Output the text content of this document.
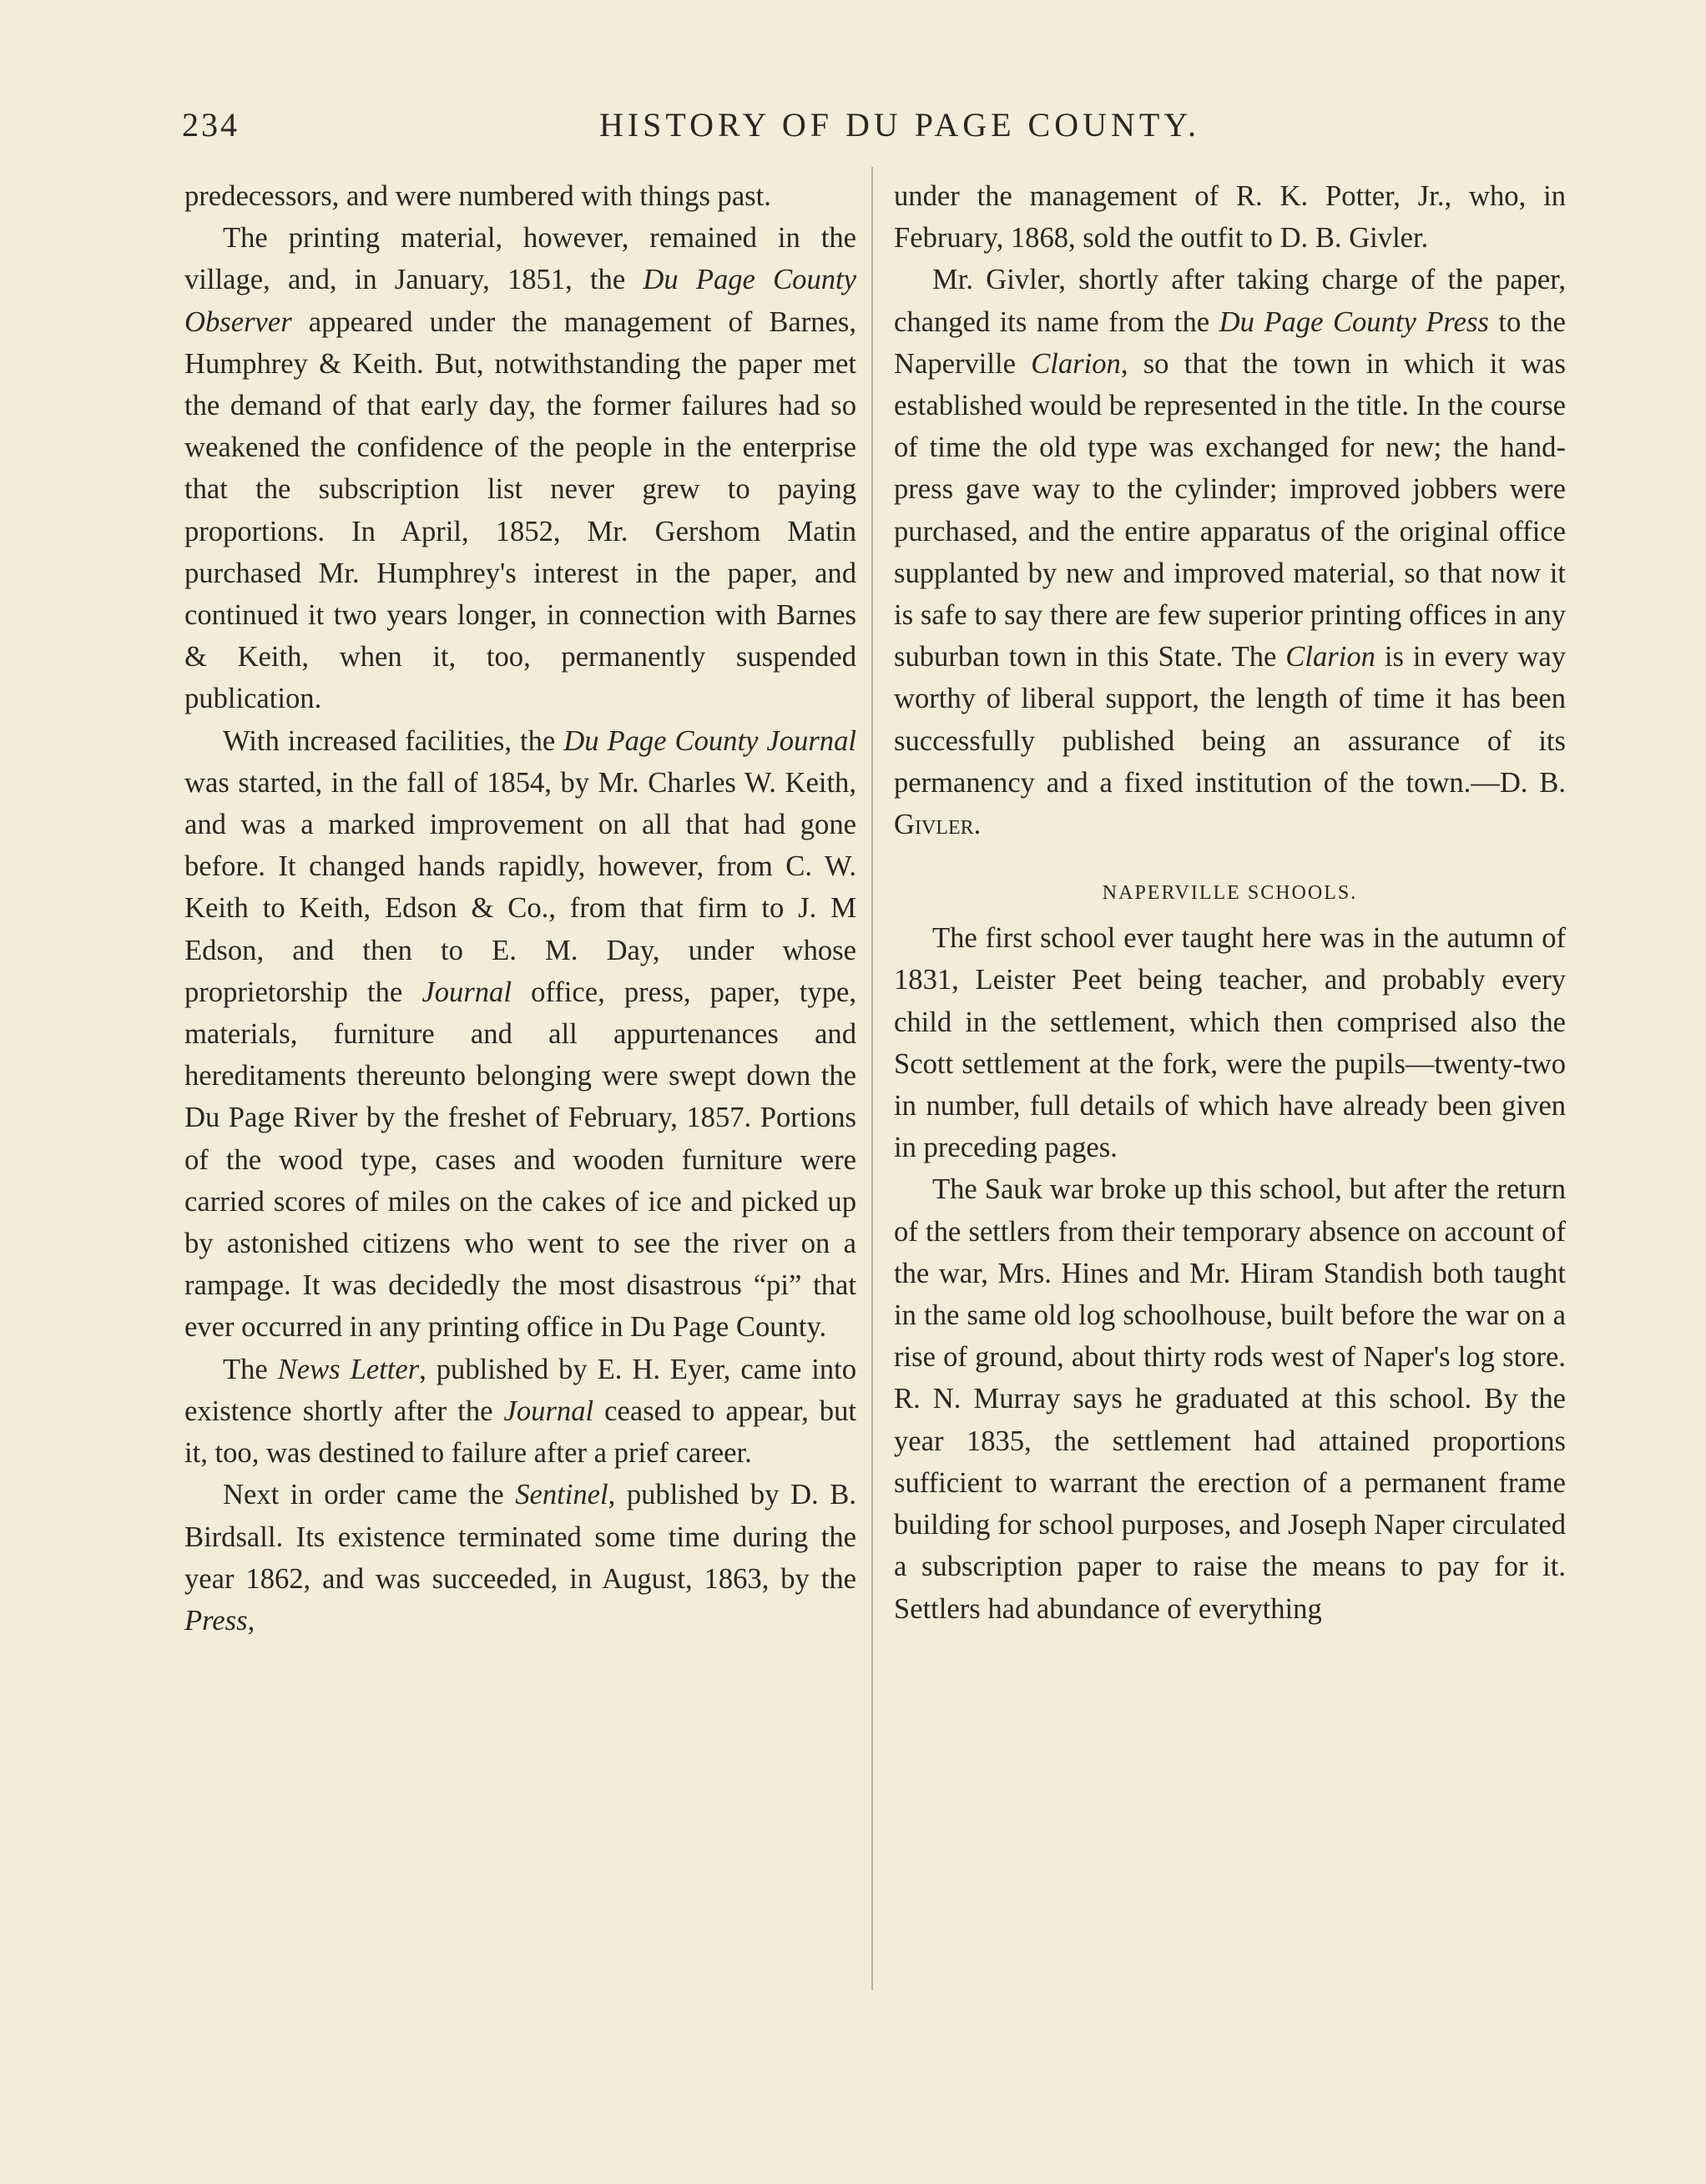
234	HISTORY OF DU PAGE COUNTY.

predecessors, and were numbered with things past.

The printing material, however, remained in the village, and, in January, 1851, the Du Page County Observer appeared under the management of Barnes, Humphrey & Keith. But, notwithstanding the paper met the demand of that early day, the former failures had so weakened the confidence of the people in the enterprise that the subscription list never grew to paying proportions. In April, 1852, Mr. Gershom Matin purchased Mr. Humphrey's interest in the paper, and continued it two years longer, in connection with Barnes & Keith, when it, too, permanently suspended publication.

With increased facilities, the Du Page County Journal was started, in the fall of 1854, by Mr. Charles W. Keith, and was a marked improvement on all that had gone before. It changed hands rapidly, however, from C. W. Keith to Keith, Edson & Co., from that firm to J. M Edson, and then to E. M. Day, under whose proprietorship the Journal office, press, paper, type, materials, furniture and all appurtenances and hereditaments thereunto belonging were swept down the Du Page River by the freshet of February, 1857. Portions of the wood type, cases and wooden furniture were carried scores of miles on the cakes of ice and picked up by astonished citizens who went to see the river on a rampage. It was decidedly the most disastrous “pi” that ever occurred in any printing office in Du Page County.

The News Letter, published by E. H. Eyer, came into existence shortly after the Journal ceased to appear, but it, too, was destined to failure after a prief career.

Next in order came the Sentinel, published by D. B. Birdsall. Its existence terminated some time during the year 1862, and was succeeded, in August, 1863, by the Press,

under the management of R. K. Potter, Jr., who, in February, 1868, sold the outfit to D. B. Givler.

Mr. Givler, shortly after taking charge of the paper, changed its name from the Du Page County Press to the Naperville Clarion, so that the town in which it was established would be represented in the title. In the course of time the old type was exchanged for new; the hand-press gave way to the cylinder; improved jobbers were purchased, and the entire apparatus of the original office supplanted by new and improved material, so that now it is safe to say there are few superior printing offices in any suburban town in this State. The Clarion is in every way worthy of liberal support, the length of time it has been successfully published being an assurance of its permanency and a fixed institution of the town.—D. B. Givler.

NAPERVILLE SCHOOLS.

The first school ever taught here was in the autumn of 1831, Leister Peet being teacher, and probably every child in the settlement, which then comprised also the Scott settlement at the fork, were the pupils—twenty-two in number, full details of which have already been given in preceding pages.

The Sauk war broke up this school, but after the return of the settlers from their temporary absence on account of the war, Mrs. Hines and Mr. Hiram Standish both taught in the same old log schoolhouse, built before the war on a rise of ground, about thirty rods west of Naper's log store. R. N. Murray says he graduated at this school. By the year 1835, the settlement had attained proportions sufficient to warrant the erection of a permanent frame building for school purposes, and Joseph Naper circulated a subscription paper to raise the means to pay for it. Settlers had abundance of everything
